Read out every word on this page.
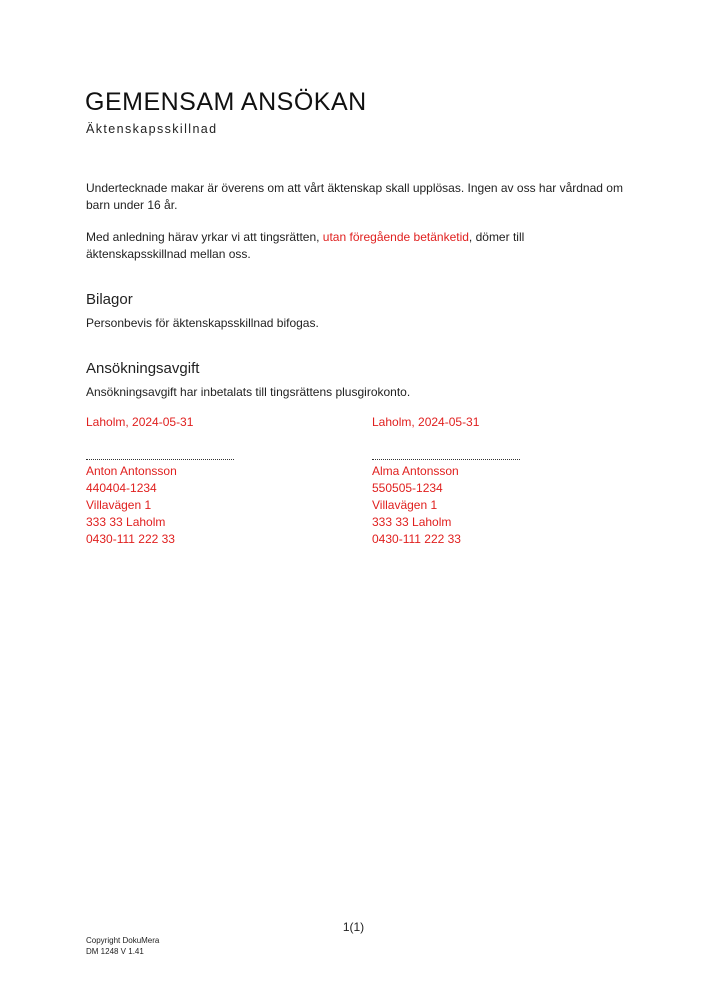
GEMENSAM ANSÖKAN
Äktenskapsskillnad
Undertecknade makar är överens om att vårt äktenskap skall upplösas. Ingen av oss har vårdnad om barn under 16 år.
Med anledning härav yrkar vi att tingsrätten, utan föregående betänketid, dömer till äktenskapsskillnad mellan oss.
Bilagor
Personbevis för äktenskapsskillnad bifogas.
Ansökningsavgift
Ansökningsavgift har inbetalats till tingsrättens plusgirokonto.
Laholm, 2024-05-31
Anton Antonsson
440404-1234
Villavägen 1
333 33 Laholm
0430-111 222 33
Laholm, 2024-05-31
Alma Antonsson
550505-1234
Villavägen 1
333 33 Laholm
0430-111 222 33
1(1)
Copyright DokuMera
DM 1248 V 1.41
